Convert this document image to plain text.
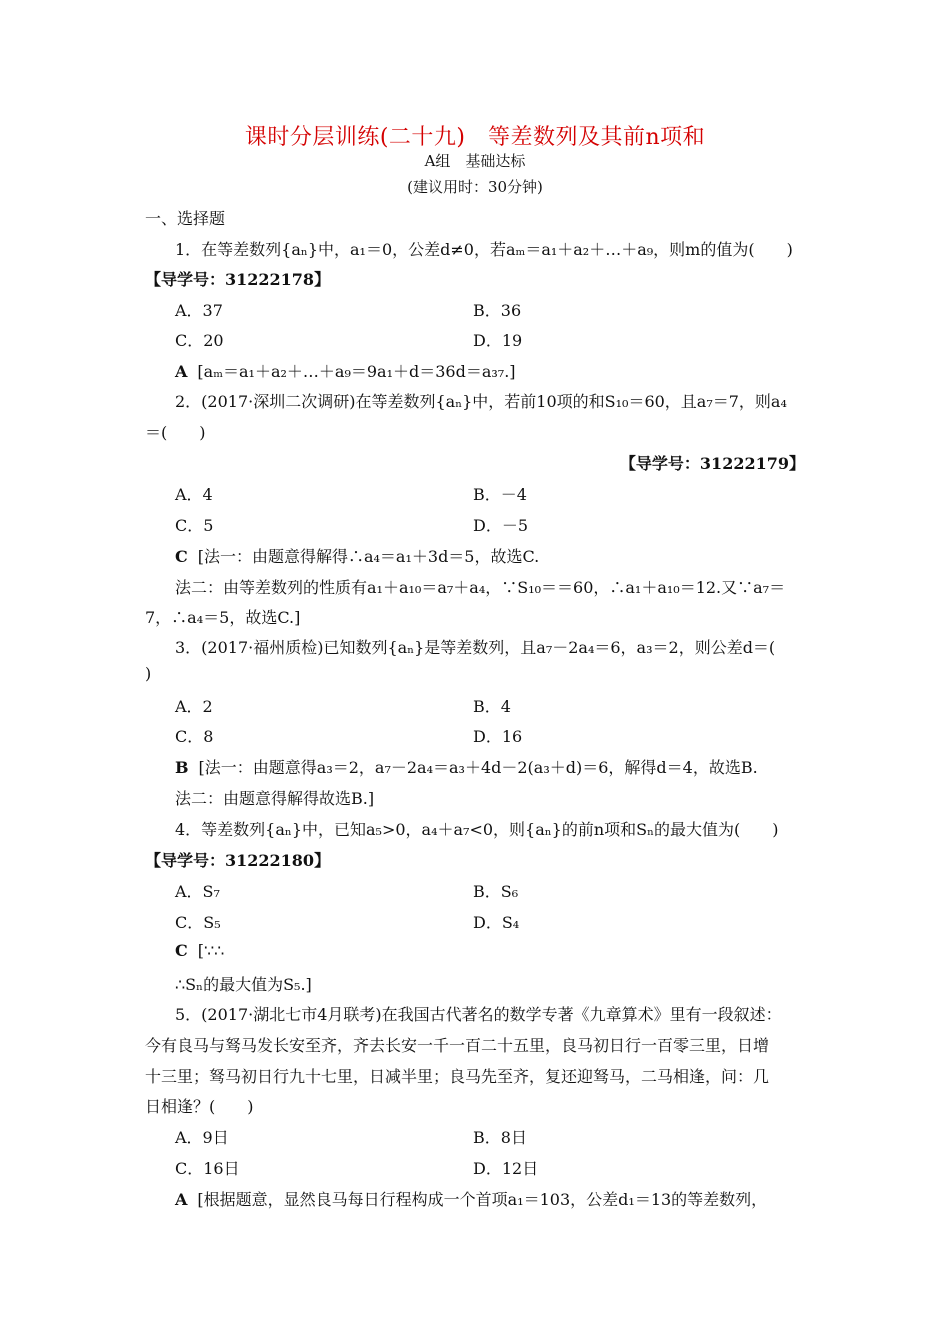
课时分层训练(二十九)　等差数列及其前n项和
A组　基础达标
(建议用时：30分钟)
一、选择题
1．在等差数列{aₙ}中，a₁＝0，公差d≠0，若aₘ＝a₁＋a₂＋…＋a₉，则m的值为(　　)
【导学号：31222178】
A．37	B．36
C．20	D．19
A [aₘ＝a₁＋a₂＋…＋a₉＝9a₁＋d＝36d＝a₃₇.]
2．(2017·深圳二次调研)在等差数列{aₙ}中，若前10项的和S₁₀＝60，且a₇＝7，则a₄
＝(　　)
【导学号：31222179】
A．4	B．－4
C．5	D．－5
C [法一：由题意得解得∴a₄＝a₁＋3d＝5，故选C.
法二：由等差数列的性质有a₁＋a₁₀＝a₇＋a₄，∵S₁₀＝＝60，∴a₁＋a₁₀＝12.又∵a₇＝
7，∴a₄＝5，故选C.]
3．(2017·福州质检)已知数列{aₙ}是等差数列，且a₇－2a₄＝6，a₃＝2，则公差d＝(
)
A．2	B．4
C．8	D．16
B [法一：由题意得a₃＝2，a₇－2a₄＝a₃＋4d－2(a₃＋d)＝6，解得d＝4，故选B.
法二：由题意得解得故选B.]
4．等差数列{aₙ}中，已知a₅>0，a₄＋a₇<0，则{aₙ}的前n项和Sₙ的最大值为(　　)
【导学号：31222180】
A．S₇	B．S₆
C．S₅	D．S₄
C [∵∴
∴Sₙ的最大值为S₅.]
5．(2017·湖北七市4月联考)在我国古代著名的数学专著《九章算术》里有一段叙述：
今有良马与驽马发长安至齐，齐去长安一千一百二十五里，良马初日行一百零三里，日增
十三里；驽马初日行九十七里，日减半里；良马先至齐，复还迎驽马，二马相逢，问：几
日相逢？(　　)
A．9日	B．8日
C．16日	D．12日
A [根据题意，显然良马每日行程构成一个首项a₁＝103，公差d₁＝13的等差数列，
